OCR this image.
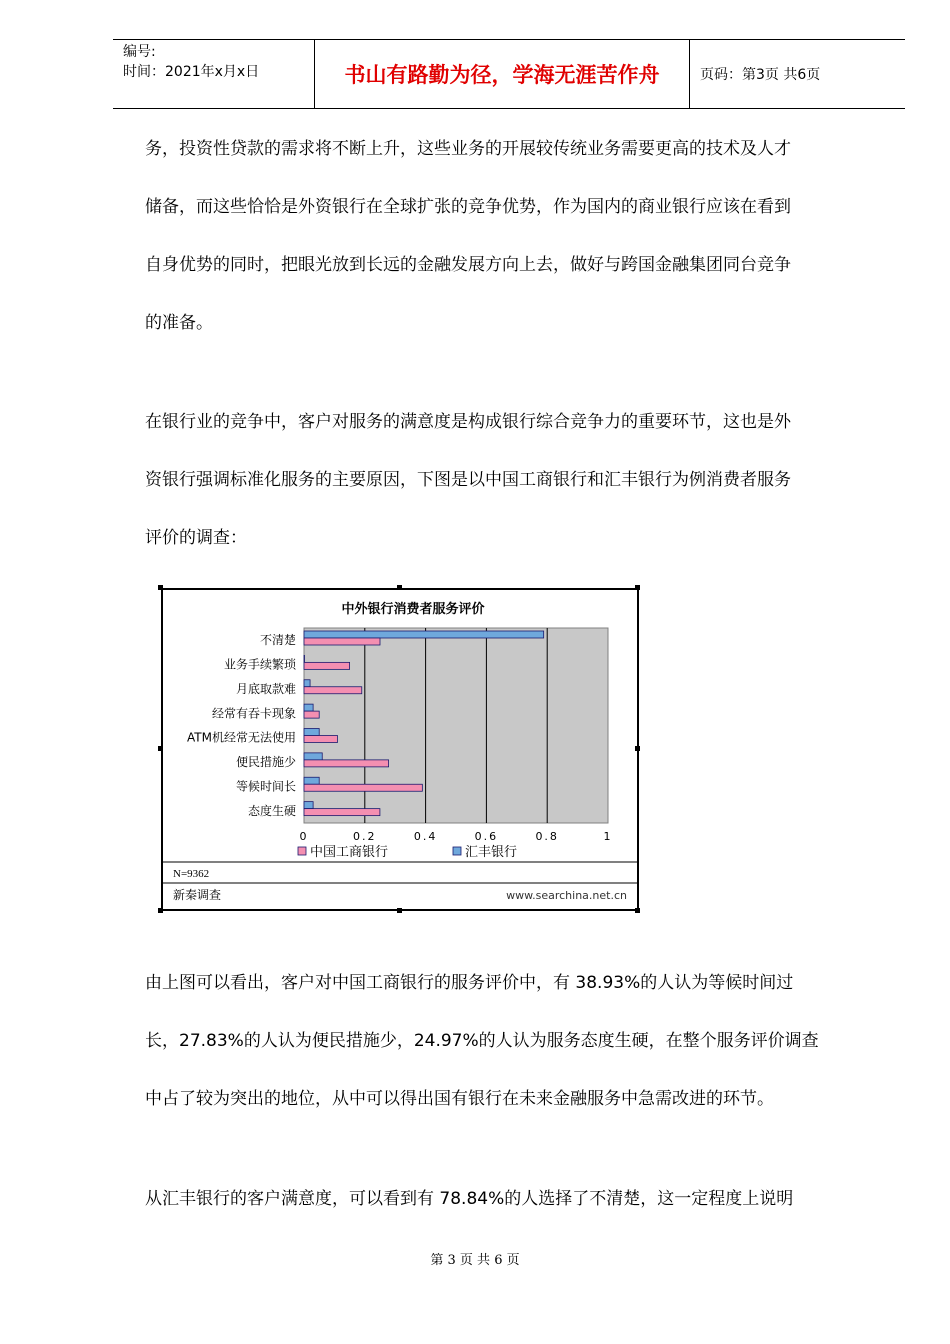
编号:
时间：2021年x月x日	书山有路勤为径，学海无涯苦作舟	页码：第3页 共6页
务，投资性贷款的需求将不断上升，这些业务的开展较传统业务需要更高的技术及人才
储备，而这些恰恰是外资银行在全球扩张的竞争优势，作为国内的商业银行应该在看到
自身优势的同时，把眼光放到长远的金融发展方向上去，做好与跨国金融集团同台竞争
的准备。
在银行业的竞争中，客户对服务的满意度是构成银行综合竞争力的重要环节，这也是外
资银行强调标准化服务的主要原因，下图是以中国工商银行和汇丰银行为例消费者服务
评价的调查：
中外银行消费者服务评价
0	0.2	0.4	0.6	0.8	1
不清楚
业务手续繁琐
月底取款难
经常有吞卡现象
ATM机经常无法使用
便民措施少
等候时间长
态度生硬
中国工商银行	汇丰银行
N=9362
新秦调查	www.searchina.net.cn
由上图可以看出，客户对中国工商银行的服务评价中，有 38.93%的人认为等候时间过
长，27.83%的人认为便民措施少，24.97%的人认为服务态度生硬，在整个服务评价调查
中占了较为突出的地位，从中可以得出国有银行在未来金融服务中急需改进的环节。
从汇丰银行的客户满意度，可以看到有 78.84%的人选择了不清楚，这一定程度上说明
第 3 页 共 6 页
